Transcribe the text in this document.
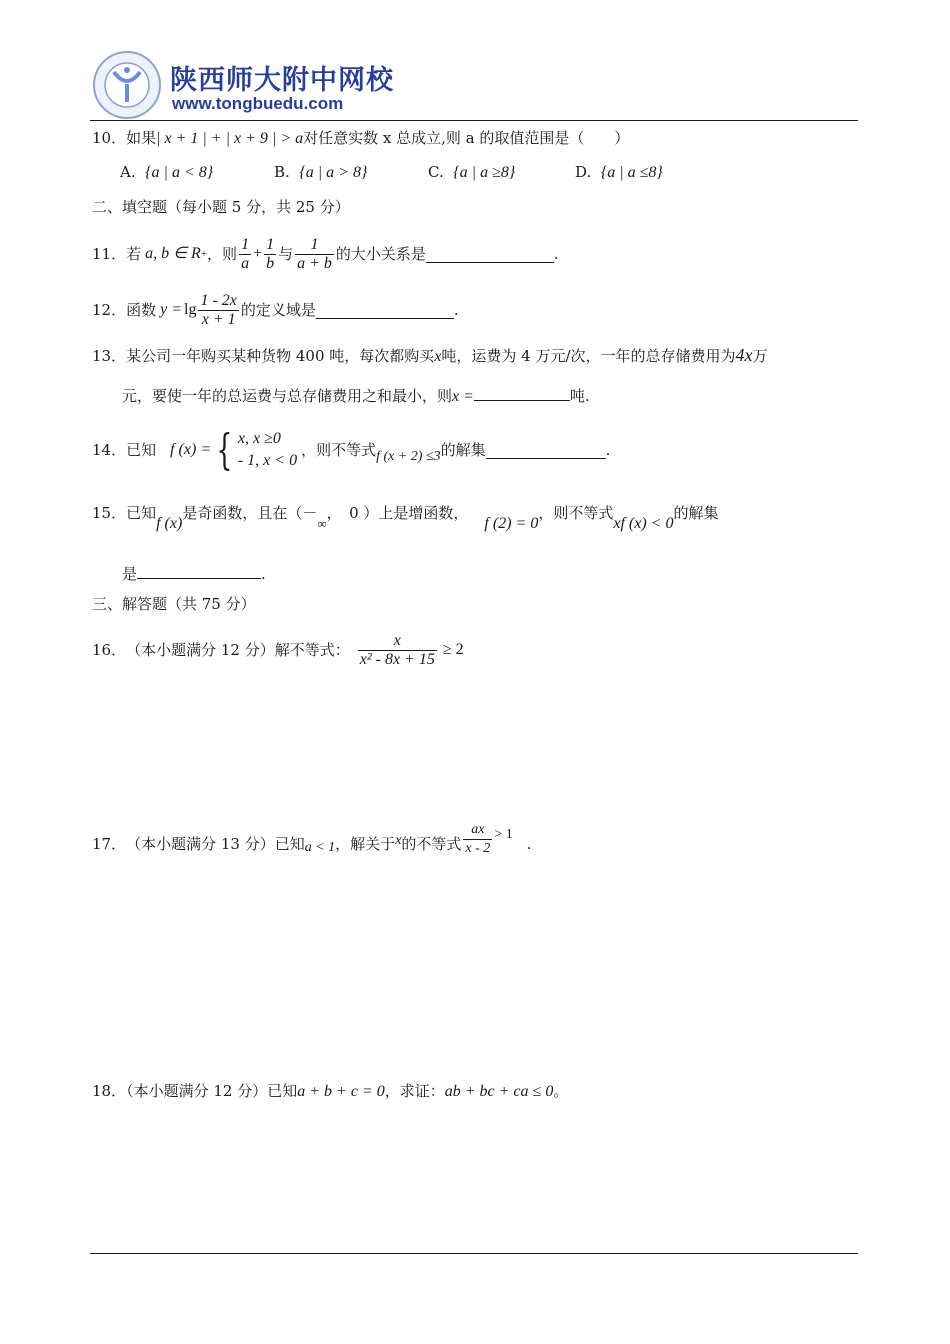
陕西师大附中网校
www.tongbuedu.com
10．如果| x + 1 | + | x + 9 | > a对任意实数 x 总成立,则 a 的取值范围是（　　）
A. {a | a < 8}	B. {a | a > 8}	C. {a | a ≥8}	D. {a | a ≤8}
二、填空题（每小题 5 分，共 25 分）
11． 若 a, b ∈ R + ，则 $\frac{1}{a} + \frac{1}{b}$ 与 $\frac{1}{a + b}$ 的大小关系是	.
12． 函数 $y = \lg \frac{1 - 2x}{x + 1}$ 的定义域是	.
13．某公司一年购买某种货物 400 吨，每次都购买x吨，运费为 4 万元/次，一年的总存储费用为4x万
元，要使一年的总运费与总存储费用之和最小，则x =	吨.
14． 已知 f (x) = { x, x ≥0
- 1, x < 0
，则不等式 f (x + 2) ≤3 的解集	.
15．已知f (x)是奇函数，且在（－∞，　0 ）上是增函数，f (2) = 0，则不等式xf (x) < 0的解集
是	.
三、解答题（共 75 分）
16． （本小题满分 12 分）解不等式： $\frac{x}{\text{x² - 8x + 15}} \ge 2$
17． （本小题满分 13 分）已知 a < 1 ，解关于 x 的不等式 $\frac{ax}{x - 2} > 1$
.
18．（本小题满分 12 分）已知a + b + c = 0，求证：ab + bc + ca ≤ 0。
